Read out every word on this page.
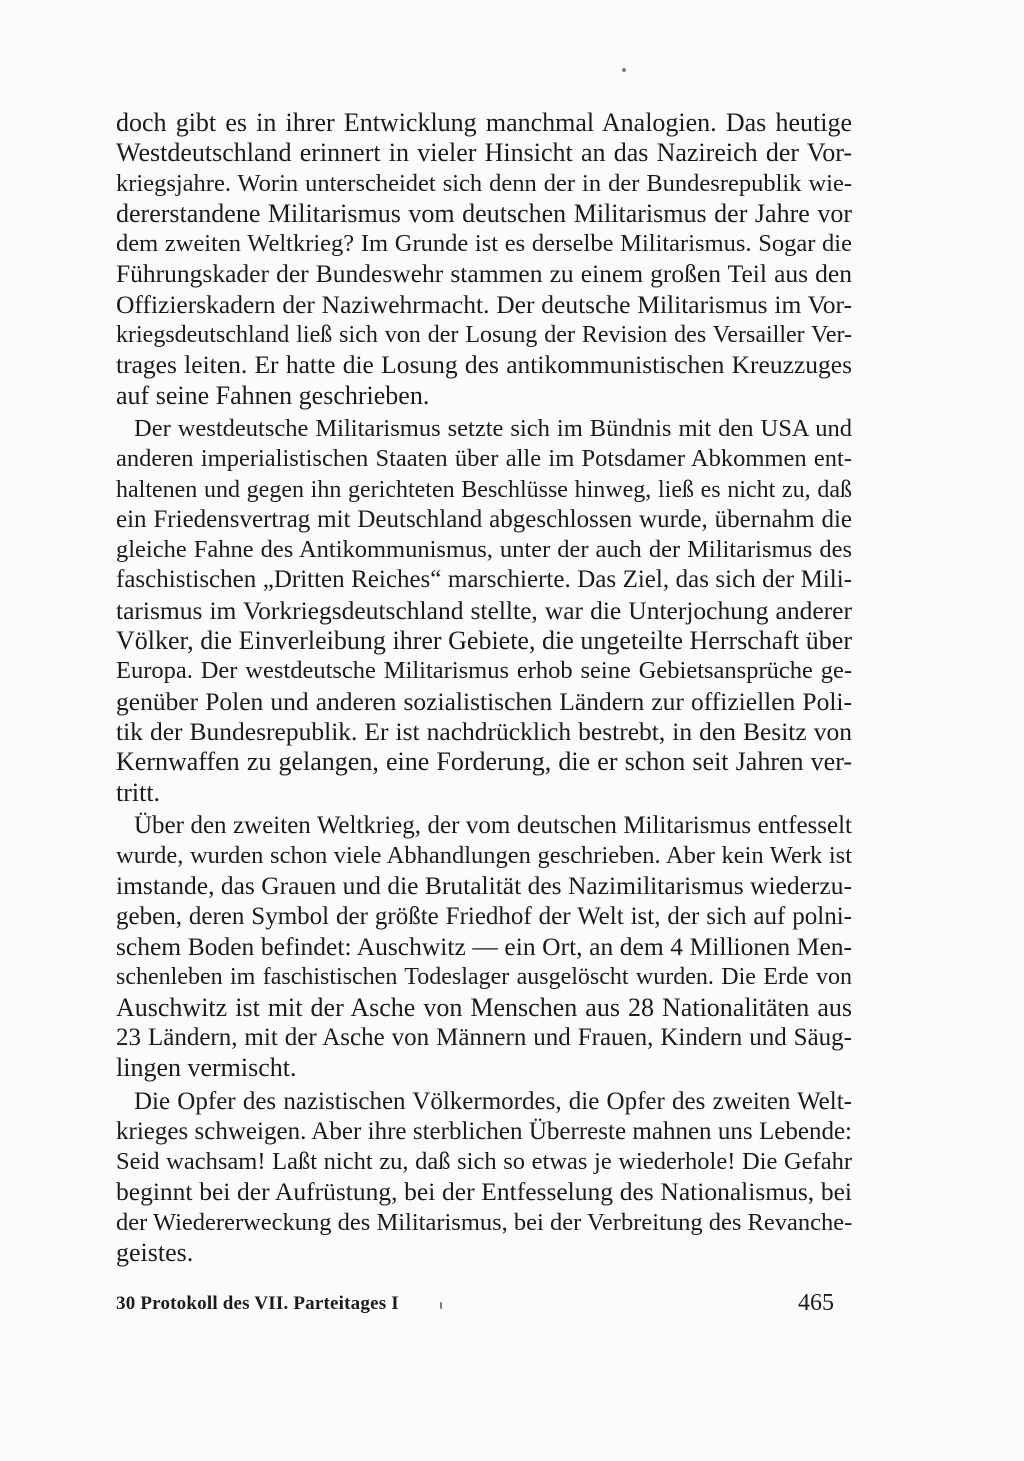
doch gibt es in ihrer Entwicklung manchmal Analogien. Das heutige
Westdeutschland erinnert in vieler Hinsicht an das Nazireich der Vor-
kriegsjahre. Worin unterscheidet sich denn der in der Bundesrepublik wie-
dererstandene Militarismus vom deutschen Militarismus der Jahre vor
dem zweiten Weltkrieg? Im Grunde ist es derselbe Militarismus. Sogar die
Führungskader der Bundeswehr stammen zu einem großen Teil aus den
Offizierskadern der Naziwehrmacht. Der deutsche Militarismus im Vor-
kriegsdeutschland ließ sich von der Losung der Revision des Versailler Ver-
trages leiten. Er hatte die Losung des antikommunistischen Kreuzzuges
auf seine Fahnen geschrieben.
Der westdeutsche Militarismus setzte sich im Bündnis mit den USA und
anderen imperialistischen Staaten über alle im Potsdamer Abkommen ent-
haltenen und gegen ihn gerichteten Beschlüsse hinweg, ließ es nicht zu, daß
ein Friedensvertrag mit Deutschland abgeschlossen wurde, übernahm die
gleiche Fahne des Antikommunismus, unter der auch der Militarismus des
faschistischen „Dritten Reiches“ marschierte. Das Ziel, das sich der Mili-
tarismus im Vorkriegsdeutschland stellte, war die Unterjochung anderer
Völker, die Einverleibung ihrer Gebiete, die ungeteilte Herrschaft über
Europa. Der westdeutsche Militarismus erhob seine Gebietsansprüche ge-
genüber Polen und anderen sozialistischen Ländern zur offiziellen Poli-
tik der Bundesrepublik. Er ist nachdrücklich bestrebt, in den Besitz von
Kernwaffen zu gelangen, eine Forderung, die er schon seit Jahren ver-
tritt.
Über den zweiten Weltkrieg, der vom deutschen Militarismus entfesselt
wurde, wurden schon viele Abhandlungen geschrieben. Aber kein Werk ist
imstande, das Grauen und die Brutalität des Nazimilitarismus wiederzu-
geben, deren Symbol der größte Friedhof der Welt ist, der sich auf polni-
schem Boden befindet: Auschwitz — ein Ort, an dem 4 Millionen Men-
schenleben im faschistischen Todeslager ausgelöscht wurden. Die Erde von
Auschwitz ist mit der Asche von Menschen aus 28 Nationalitäten aus
23 Ländern, mit der Asche von Männern und Frauen, Kindern und Säug-
lingen vermischt.
Die Opfer des nazistischen Völkermordes, die Opfer des zweiten Welt-
krieges schweigen. Aber ihre sterblichen Überreste mahnen uns Lebende:
Seid wachsam! Laßt nicht zu, daß sich so etwas je wiederhole! Die Gefahr
beginnt bei der Aufrüstung, bei der Entfesselung des Nationalismus, bei
der Wiedererweckung des Militarismus, bei der Verbreitung des Revanche-
geistes.
30 Protokoll des VII. Parteitages I	465
